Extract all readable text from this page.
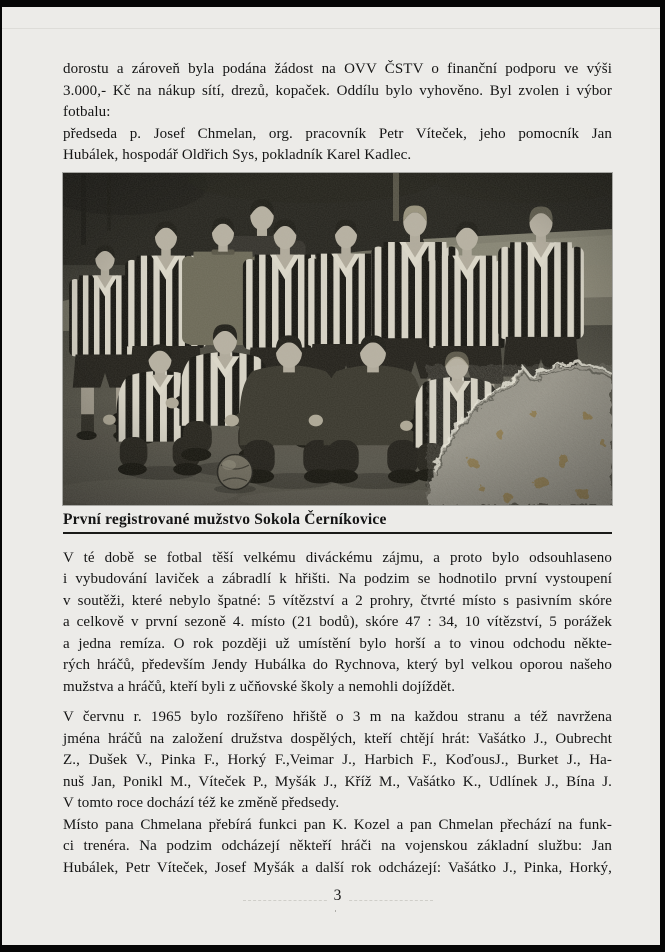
dorostu a zároveň byla podána žádost na OVV ČSTV o finanční podporu ve výši
3.000,- Kč na nákup sítí, drezů, kopaček. Oddílu bylo vyhověno. Byl zvolen i výbor
fotbalu:
předseda p. Josef Chmelan, org. pracovník Petr Víteček, jeho pomocník Jan
Hubálek, hospodář Oldřich Sys, pokladník Karel Kadlec.
První registrované mužstvo Sokola Černíkovice
V té době se fotbal těší velkému diváckému zájmu, a proto bylo odsouhlaseno
i vybudování laviček a zábradlí k hřišti. Na podzim se hodnotilo první vystoupení
v soutěži, které nebylo špatné: 5 vítězství a 2 prohry, čtvrté místo s pasivním skóre
a celkově v první sezoně 4. místo (21 bodů), skóre 47 : 34, 10 vítězství, 5 porážek
a jedna remíza. O rok později už umístění bylo horší a to vinou odchodu někte-
rých hráčů, především Jendy Hubálka do Rychnova, který byl velkou oporou našeho
mužstva a hráčů, kteří byli z učňovské školy a nemohli dojíždět.
V červnu r. 1965 bylo rozšířeno hřiště o 3 m na každou stranu a též navržena
jména hráčů na založení družstva dospělých, kteří chtějí hrát: Vašátko J., Oubrecht
Z., Dušek V., Pinka F., Horký F.,Veimar J., Harbich F., KoďousJ., Burket J., Ha-
nuš Jan, Ponikl M., Víteček P., Myšák J., Kříž M., Vašátko K., Udlínek J., Bína J.
V tomto roce dochází též ke změně předsedy.
Místo pana Chmelana přebírá funkci pan K. Kozel a pan Chmelan přechází na funk-
ci trenéra. Na podzim odcházejí někteří hráči na vojenskou základní službu: Jan
Hubálek, Petr Víteček, Josef Myšák a další rok odcházejí: Vašátko J., Pinka, Horký,
3
